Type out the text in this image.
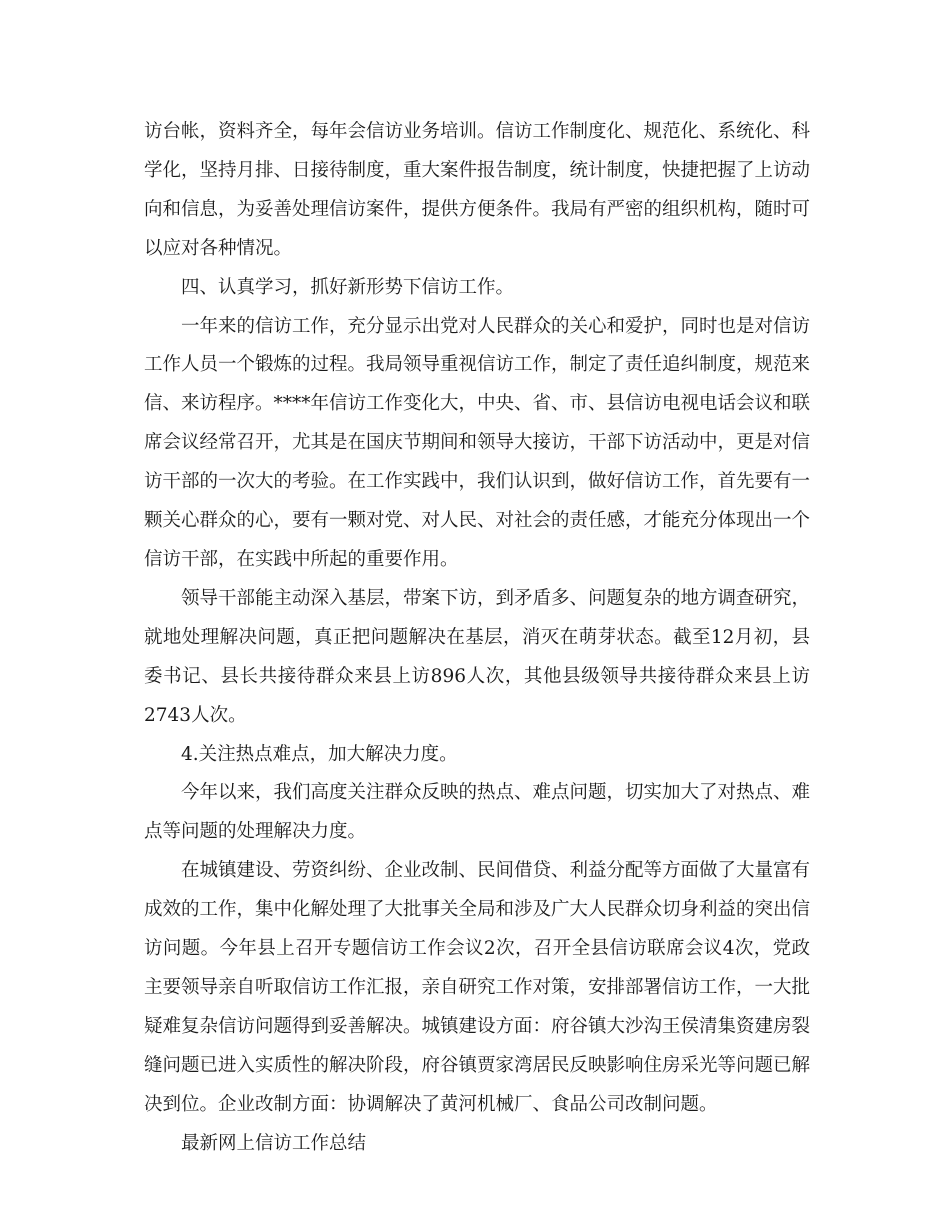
访台帐，资料齐全，每年会信访业务培训。信访工作制度化、规范化、系统化、科学化，坚持月排、日接待制度，重大案件报告制度，统计制度，快捷把握了上访动向和信息，为妥善处理信访案件，提供方便条件。我局有严密的组织机构，随时可以应对各种情况。

四、认真学习，抓好新形势下信访工作。

一年来的信访工作，充分显示出党对人民群众的关心和爱护，同时也是对信访工作人员一个锻炼的过程。我局领导重视信访工作，制定了责任追纠制度，规范来信、来访程序。****年信访工作变化大，中央、省、市、县信访电视电话会议和联席会议经常召开，尤其是在国庆节期间和领导大接访，干部下访活动中，更是对信访干部的一次大的考验。在工作实践中，我们认识到，做好信访工作，首先要有一颗关心群众的心，要有一颗对党、对人民、对社会的责任感，才能充分体现出一个信访干部，在实践中所起的重要作用。

领导干部能主动深入基层，带案下访，到矛盾多、问题复杂的地方调查研究，就地处理解决问题，真正把问题解决在基层，消灭在萌芽状态。截至12月初，县委书记、县长共接待群众来县上访896人次，其他县级领导共接待群众来县上访2743人次。

4.关注热点难点，加大解决力度。

今年以来，我们高度关注群众反映的热点、难点问题，切实加大了对热点、难点等问题的处理解决力度。

在城镇建设、劳资纠纷、企业改制、民间借贷、利益分配等方面做了大量富有成效的工作，集中化解处理了大批事关全局和涉及广大人民群众切身利益的突出信访问题。今年县上召开专题信访工作会议2次，召开全县信访联席会议4次，党政主要领导亲自听取信访工作汇报，亲自研究工作对策，安排部署信访工作，一大批疑难复杂信访问题得到妥善解决。城镇建设方面：府谷镇大沙沟王侯清集资建房裂缝问题已进入实质性的解决阶段，府谷镇贾家湾居民反映影响住房采光等问题已解决到位。企业改制方面：协调解决了黄河机械厂、食品公司改制问题。

最新网上信访工作总结
